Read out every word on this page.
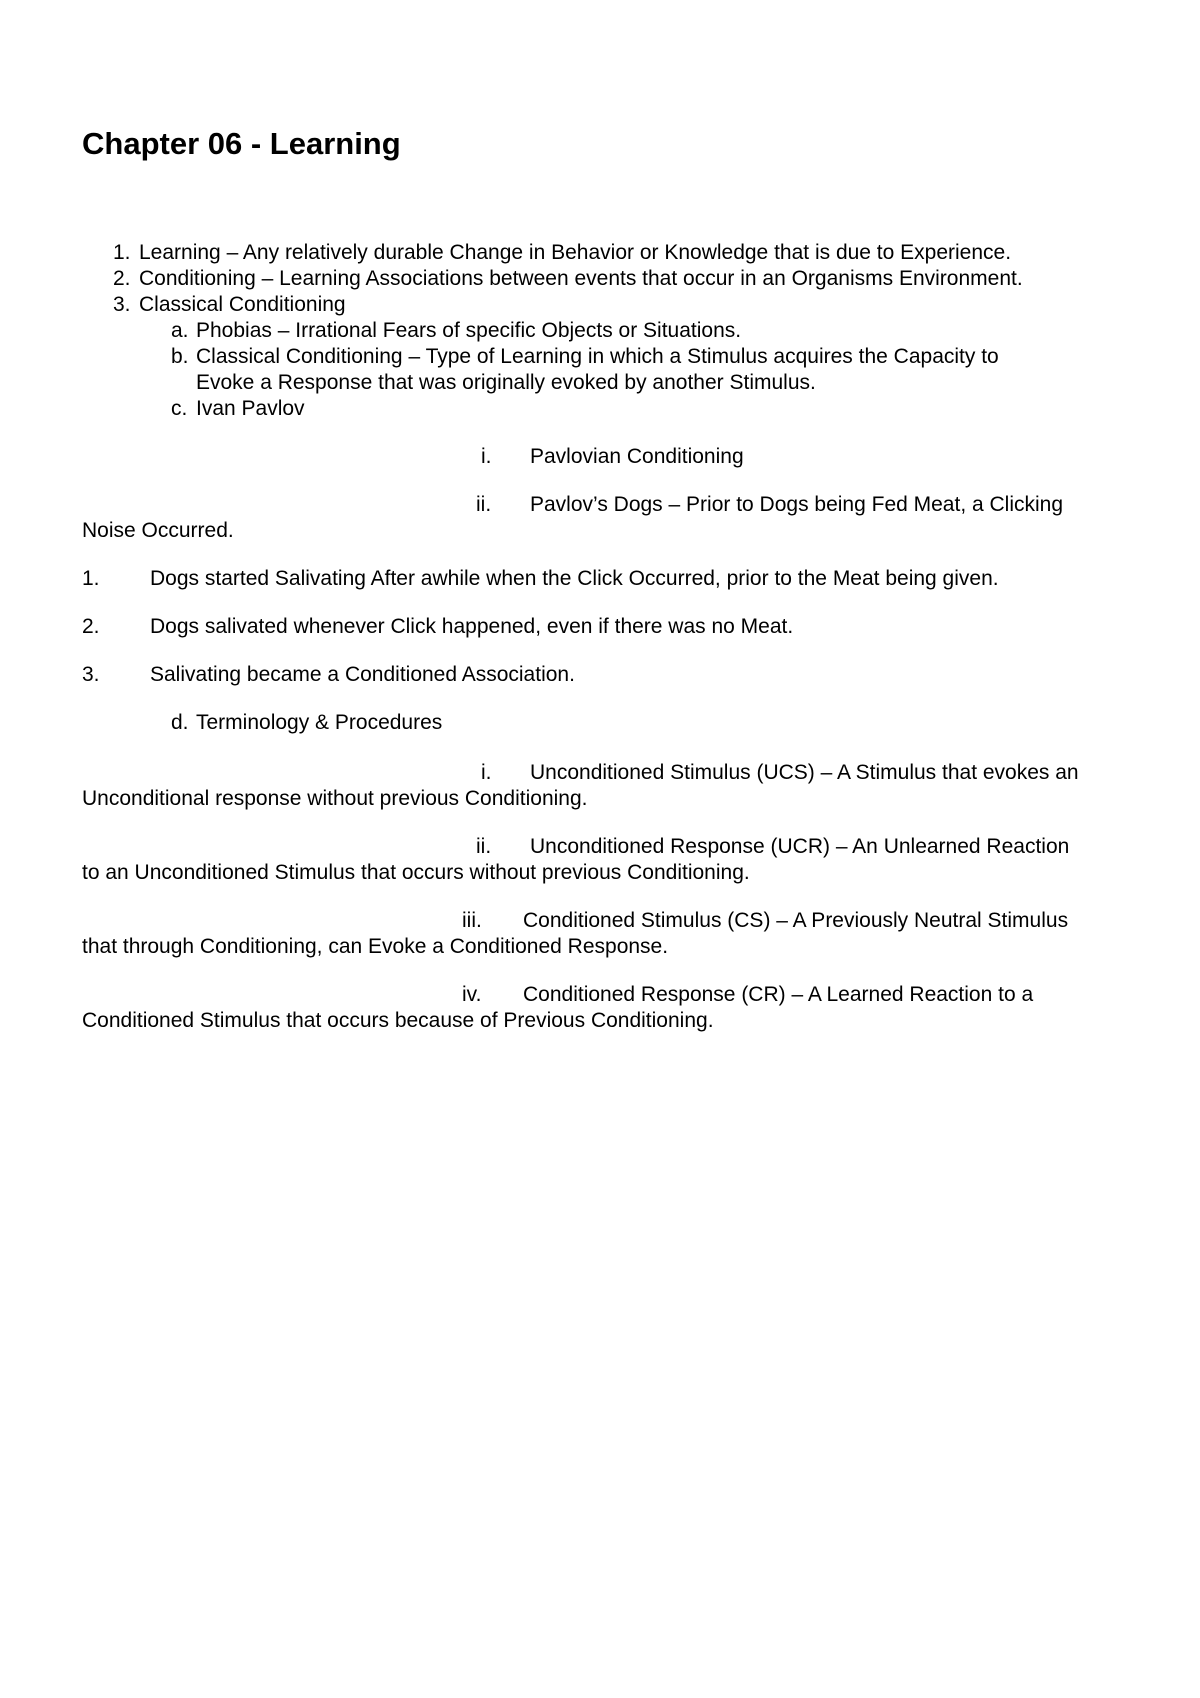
Chapter 06 - Learning
1. Learning – Any relatively durable Change in Behavior or Knowledge that is due to Experience.
2. Conditioning – Learning Associations between events that occur in an Organisms Environment.
3. Classical Conditioning
a. Phobias – Irrational Fears of specific Objects or Situations.
b. Classical Conditioning – Type of Learning in which a Stimulus acquires the Capacity to
Evoke a Response that was originally evoked by another Stimulus.
c. Ivan Pavlov
i. Pavlovian Conditioning
ii. Pavlov’s Dogs – Prior to Dogs being Fed Meat, a Clicking
Noise Occurred.
1. Dogs started Salivating After awhile when the Click Occurred, prior to the Meat being given.
2. Dogs salivated whenever Click happened, even if there was no Meat.
3. Salivating became a Conditioned Association.
d. Terminology & Procedures
i. Unconditioned Stimulus (UCS) – A Stimulus that evokes an
Unconditional response without previous Conditioning.
ii. Unconditioned Response (UCR) – An Unlearned Reaction
to an Unconditioned Stimulus that occurs without previous Conditioning.
iii. Conditioned Stimulus (CS) – A Previously Neutral Stimulus
that through Conditioning, can Evoke a Conditioned Response.
iv. Conditioned Response (CR) – A Learned Reaction to a
Conditioned Stimulus that occurs because of Previous Conditioning.
